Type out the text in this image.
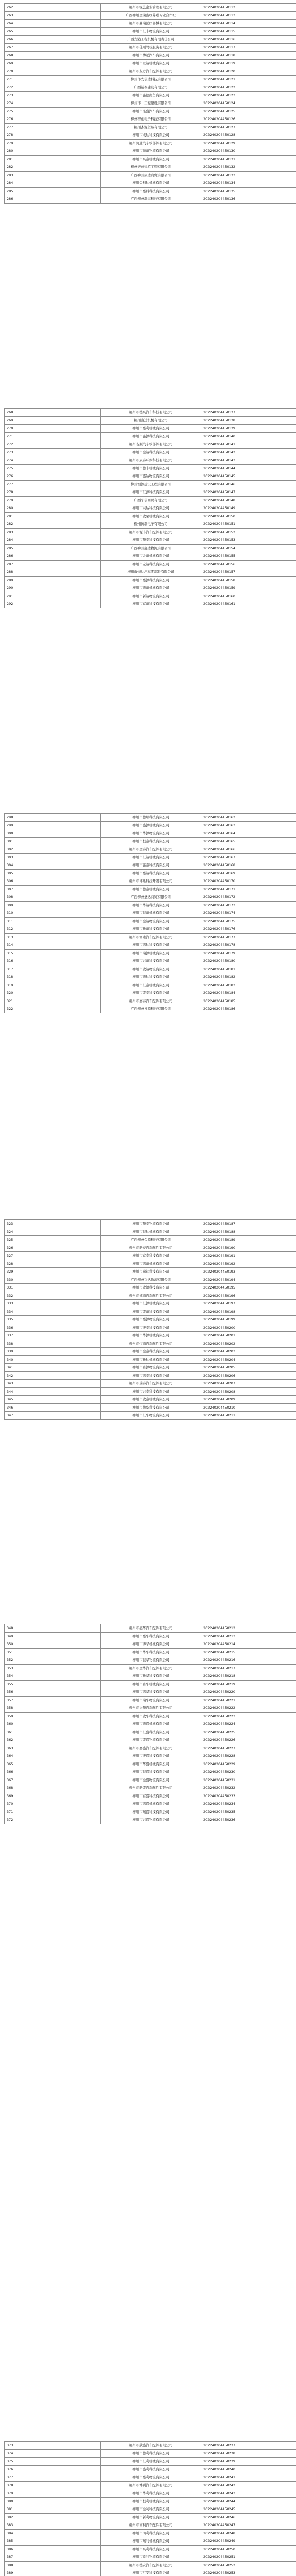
262	柳州市锐艺企业管理有限公司	202240204450112
263	广西柳州金菌畜牧养殖专业合作社	202240204450113
264	柳州市鼎瑞医疗器械有限公司	202240204450114
265	柳州市汇丰物流有限公司	202240204450115
266	广西龙港工程机械有限责任公司	202240204450116
267	柳州市佳顺驾校服务有限公司	202240204450117
268	柳州市博远汽车有限公司	202240204450118
269	柳州市立达机械有限公司	202240204450119
270	柳州市友方汽车配件有限公司	202240204450120
271	柳州市安信达科技有限公司	202240204450121
272	广西裕泰建设有限公司	202240204450122
273	柳州市鑫德商贸有限公司	202240204450123
274	柳州市一工程建设有限公司	202240204450124
275	柳州市泓盛汽车有限公司	202240204450125
276	柳州智创电子科技有限公司	202240204450126
277	柳州杰源贸易有限公司	202240204450127
278	柳州市成达科技有限公司	202240204450128
279	柳州润通汽车零部件有限公司	202240204450129
280	柳州市顺源物流有限公司	202240204450130
281	柳州市兴泰机械有限公司	202240204450131
282	柳州天成建筑工程有限公司	202240204450132
283	广西柳州康达商贸有限公司	202240204450133
284	柳州金利达机械有限公司	202240204450134
285	柳州市嘉科科技有限公司	202240204450135
286	广西柳州瑞丰科技有限公司	202240204450136
268	柳州市德兴汽车科技有限公司	202240204450137
269	柳州富达机械有限公司	202240204450138
270	柳州市嘉利机械有限公司	202240204450139
271	柳州市鑫源科技有限公司	202240204450140
272	柳州杰顺汽车零部件有限公司	202240204450141
273	柳州市金达科技有限公司	202240204450142
274	柳州市康泰环保科技有限公司	202240204450143
275	柳州市德丰机械有限公司	202240204450144
276	柳州市盛达物流有限公司	202240204450145
277	柳州恒源建设工程有限公司	202240204450146
278	柳州市汇源科技有限公司	202240204450147
279	广西华信商贸有限公司	202240204450148
280	柳州市兴达科技有限公司	202240204450149
281	柳州市欣荣机械有限公司	202240204450150
282	柳州博瑞电子有限公司	202240204450151
283	柳州市源丰汽车配件有限公司	202240204450152
284	柳州市华泰科技有限公司	202240204450153
285	广西柳州鑫达物流有限公司	202240204450154
286	柳州市金源机械有限公司	202240204450155
287	柳州市宏达科技有限公司	202240204450156
288	柳州市恒达汽车零部件有限公司	202240204450157
289	柳州市嘉源科技有限公司	202240204450158
290	柳州市德源机械有限公司	202240204450159
291	柳州市新达物流有限公司	202240204450160
292	柳州市富源科技有限公司	202240204450161
298	柳州市德顺科技有限公司	202240204450162
299	柳州市盛源机械有限公司	202240204450163
300	柳州市华源物流有限公司	202240204450164
301	柳州市恒泰科技有限公司	202240204450165
302	柳州市金泰汽车配件有限公司	202240204450166
303	柳州市汇达机械有限公司	202240204450167
304	柳州市鑫泰科技有限公司	202240204450168
305	柳州市嘉达科技有限公司	202240204450169
306	柳州市博达科技开发有限公司	202240204450170
307	柳州市德泰机械有限公司	202240204450171
308	广西柳州盛达商贸有限公司	202240204450172
309	柳州市华达科技有限公司	202240204450173
310	柳州市恒源机械有限公司	202240204450174
311	柳州市金达物流有限公司	202240204450175
312	柳州市新源科技有限公司	202240204450176
313	柳州市富达汽车配件有限公司	202240204450177
314	柳州市鸿达科技有限公司	202240204450178
315	柳州市瑞源机械有限公司	202240204450179
316	柳州市兴源科技有限公司	202240204450180
317	柳州市欣达物流有限公司	202240204450181
318	柳州市德达科技有限公司	202240204450182
319	柳州市汇泰机械有限公司	202240204450183
320	柳州市盛泰科技有限公司	202240204450184
321	柳州市嘉泰汽车配件有限公司	202240204450185
322	广西柳州博源科技有限公司	202240204450186
323	柳州市华泰物流有限公司	202240204450187
324	柳州市恒达机械有限公司	202240204450188
325	广西柳州金源科技有限公司	202240204450189
326	柳州市新泰汽车配件有限公司	202240204450190
327	柳州市富泰科技有限公司	202240204450191
328	柳州市鸿源机械有限公司	202240204450192
329	柳州市瑞达科技有限公司	202240204450193
330	广西柳州兴达物流有限公司	202240204450194
331	柳州市欣源科技有限公司	202240204450195
332	柳州市德源汽车配件有限公司	202240204450196
333	柳州市汇源机械有限公司	202240204450197
334	柳州市盛源科技有限公司	202240204450198
335	柳州市嘉源物流有限公司	202240204450199
336	柳州市博泰科技有限公司	202240204450200
337	柳州市华源机械有限公司	202240204450201
338	柳州市恒源汽车配件有限公司	202240204450202
339	柳州市金泰科技有限公司	202240204450203
340	柳州市新达机械有限公司	202240204450204
341	柳州市富源物流有限公司	202240204450205
342	柳州市鸿泰科技有限公司	202240204450206
343	柳州市瑞泰汽车配件有限公司	202240204450207
344	柳州市兴泰科技有限公司	202240204450208
345	柳州市欣泰机械有限公司	202240204450209
346	柳州市德华科技有限公司	202240204450210
347	柳州市汇华物流有限公司	202240204450211
348	柳州市盛华汽车配件有限公司	202240204450212
349	柳州市嘉华科技有限公司	202240204450213
350	柳州市博华机械有限公司	202240204450214
351	柳州市华华科技有限公司	202240204450215
352	柳州市恒华物流有限公司	202240204450216
353	柳州市金华汽车配件有限公司	202240204450217
354	柳州市新华科技有限公司	202240204450218
355	柳州市富华机械有限公司	202240204450219
356	柳州市鸿华科技有限公司	202240204450220
357	柳州市瑞华物流有限公司	202240204450221
358	柳州市兴华汽车配件有限公司	202240204450222
359	柳州市欣华科技有限公司	202240204450223
360	柳州市德盛机械有限公司	202240204450224
361	柳州市汇盛科技有限公司	202240204450225
362	柳州市盛盛物流有限公司	202240204450226
363	柳州市嘉盛汽车配件有限公司	202240204450227
364	柳州市博盛科技有限公司	202240204450228
365	柳州市华盛机械有限公司	202240204450229
366	柳州市恒盛科技有限公司	202240204450230
367	柳州市金盛物流有限公司	202240204450231
368	柳州市新盛汽车配件有限公司	202240204450232
369	柳州市富盛科技有限公司	202240204450233
370	柳州市鸿盛机械有限公司	202240204450234
371	柳州市瑞盛科技有限公司	202240204450235
372	柳州市兴盛物流有限公司	202240204450236
373	柳州市欣盛汽车配件有限公司	202240204450237
374	柳州市德利科技有限公司	202240204450238
375	柳州市汇利机械有限公司	202240204450239
376	柳州市盛利科技有限公司	202240204450240
377	柳州市嘉利物流有限公司	202240204450241
378	柳州市博利汽车配件有限公司	202240204450242
379	柳州市华利科技有限公司	202240204450243
380	柳州市恒利机械有限公司	202240204450244
381	柳州市金利科技有限公司	202240204450245
382	柳州市新利物流有限公司	202240204450246
383	柳州市富利汽车配件有限公司	202240204450247
384	柳州市鸿利科技有限公司	202240204450248
385	柳州市瑞利机械有限公司	202240204450249
386	柳州市兴利科技有限公司	202240204450250
387	柳州市欣利物流有限公司	202240204450251
388	柳州市德安汽车配件有限公司	202240204450252
389	柳州市汇安科技有限公司	202240204450253
